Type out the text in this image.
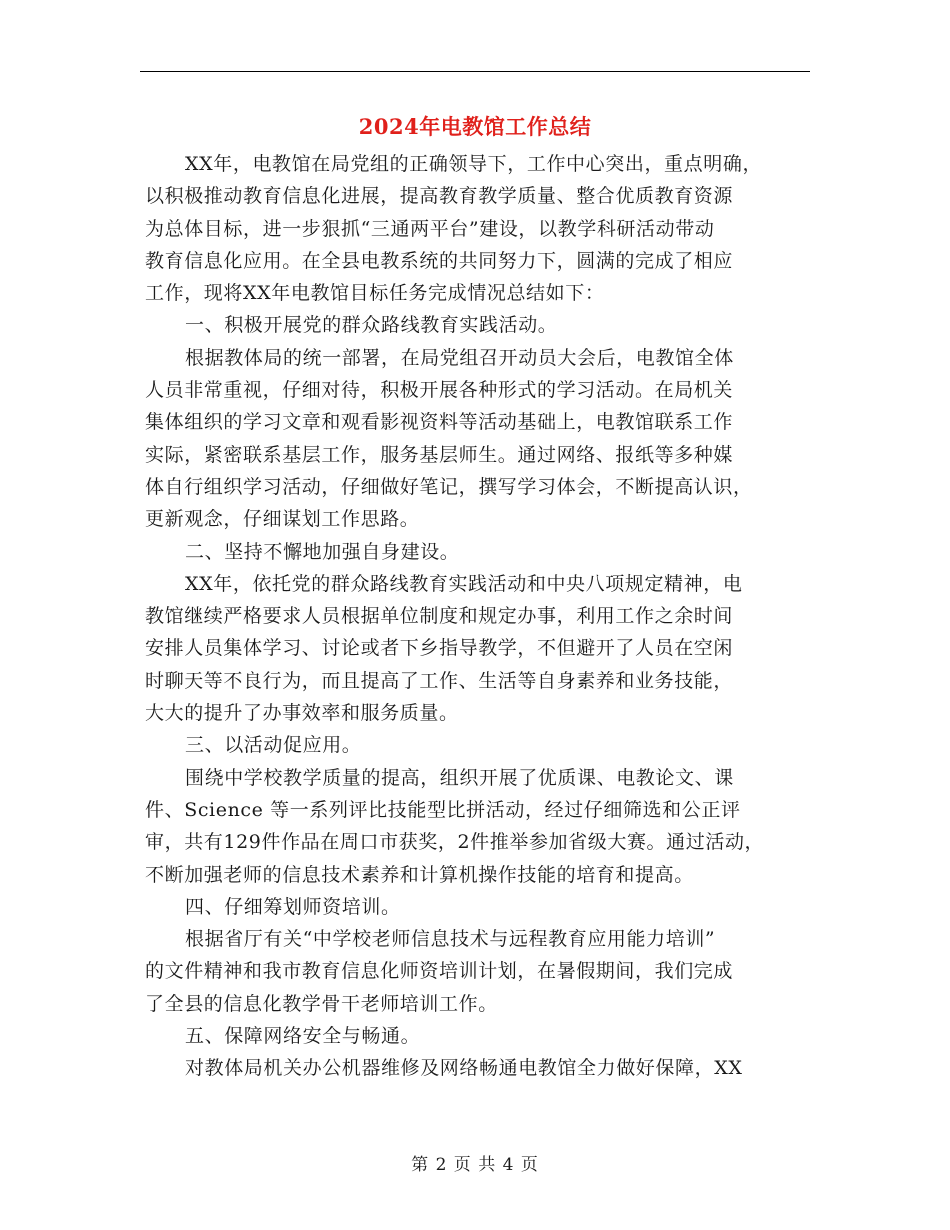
2024年电教馆工作总结
XX年，电教馆在局党组的正确领导下，工作中心突出，重点明确，
以积极推动教育信息化进展，提高教育教学质量、整合优质教育资源
为总体目标，进一步狠抓“三通两平台”建设，以教学科研活动带动
教育信息化应用。在全县电教系统的共同努力下，圆满的完成了相应
工作，现将XX年电教馆目标任务完成情况总结如下：
一、积极开展党的群众路线教育实践活动。
根据教体局的统一部署，在局党组召开动员大会后，电教馆全体
人员非常重视，仔细对待，积极开展各种形式的学习活动。在局机关
集体组织的学习文章和观看影视资料等活动基础上，电教馆联系工作
实际，紧密联系基层工作，服务基层师生。通过网络、报纸等多种媒
体自行组织学习活动，仔细做好笔记，撰写学习体会，不断提高认识，
更新观念，仔细谋划工作思路。
二、坚持不懈地加强自身建设。
XX年，依托党的群众路线教育实践活动和中央八项规定精神，电
教馆继续严格要求人员根据单位制度和规定办事，利用工作之余时间
安排人员集体学习、讨论或者下乡指导教学，不但避开了人员在空闲
时聊天等不良行为，而且提高了工作、生活等自身素养和业务技能，
大大的提升了办事效率和服务质量。
三、以活动促应用。
围绕中学校教学质量的提高，组织开展了优质课、电教论文、课
件、Science 等一系列评比技能型比拼活动，经过仔细筛选和公正评
审，共有129件作品在周口市获奖，2件推举参加省级大赛。通过活动，
不断加强老师的信息技术素养和计算机操作技能的培育和提高。
四、仔细筹划师资培训。
根据省厅有关“中学校老师信息技术与远程教育应用能力培训”
的文件精神和我市教育信息化师资培训计划，在暑假期间，我们完成
了全县的信息化教学骨干老师培训工作。
五、保障网络安全与畅通。
对教体局机关办公机器维修及网络畅通电教馆全力做好保障，XX
第 2 页 共 4 页
